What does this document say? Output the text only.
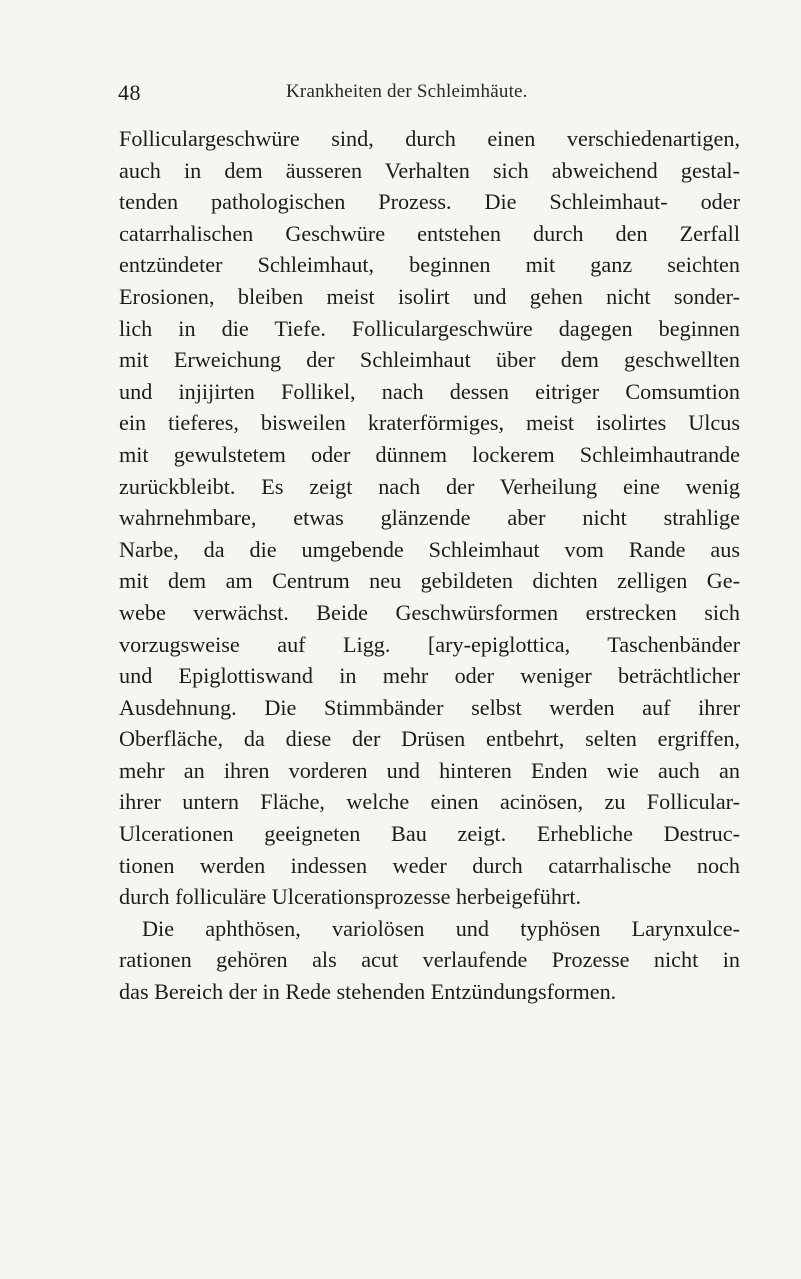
48	Krankheiten der Schleimhäute.
Folliculargeschwüre sind, durch einen verschiedenartigen,
auch in dem äusseren Verhalten sich abweichend gestal-
tenden pathologischen Prozess. Die Schleimhaut- oder
catarrhalischen Geschwüre entstehen durch den Zerfall
entzündeter Schleimhaut, beginnen mit ganz seichten
Erosionen, bleiben meist isolirt und gehen nicht sonder-
lich in die Tiefe. Folliculargeschwüre dagegen beginnen
mit Erweichung der Schleimhaut über dem geschwellten
und injijirten Follikel, nach dessen eitriger Comsumtion
ein tieferes, bisweilen kraterförmiges, meist isolirtes Ulcus
mit gewulstetem oder dünnem lockerem Schleimhautrande
zurückbleibt. Es zeigt nach der Verheilung eine wenig
wahrnehmbare, etwas glänzende aber nicht strahlige
Narbe, da die umgebende Schleimhaut vom Rande aus
mit dem am Centrum neu gebildeten dichten zelligen Ge-
webe verwächst. Beide Geschwürsformen erstrecken sich
vorzugsweise auf Ligg. [ary-epiglottica, Taschenbänder
und Epiglottiswand in mehr oder weniger beträchtlicher
Ausdehnung. Die Stimmbänder selbst werden auf ihrer
Oberfläche, da diese der Drüsen entbehrt, selten ergriffen,
mehr an ihren vorderen und hinteren Enden wie auch an
ihrer untern Fläche, welche einen acinösen, zu Follicular-
Ulcerationen geeigneten Bau zeigt. Erhebliche Destruc-
tionen werden indessen weder durch catarrhalische noch
durch folliculäre Ulcerationsprozesse herbeigeführt.
Die aphthösen, variolösen und typhösen Larynxulce-
rationen gehören als acut verlaufende Prozesse nicht in
das Bereich der in Rede stehenden Entzündungsformen.
